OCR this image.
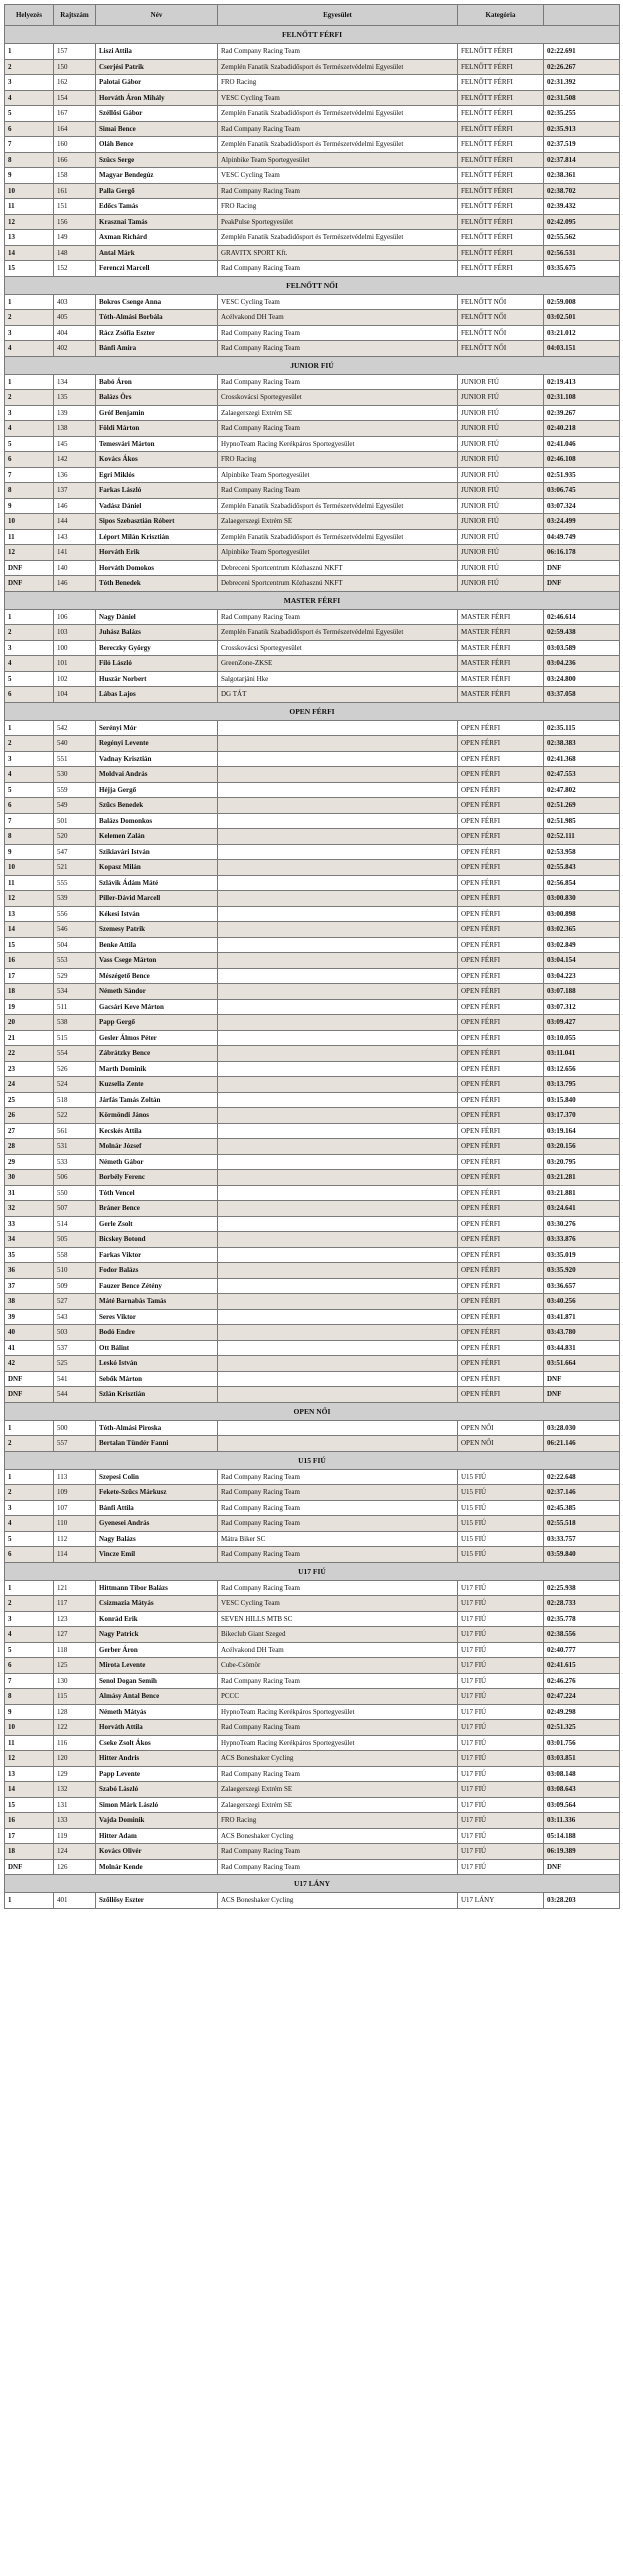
Helyezés	Rajtszám	Név	Egyesület	Kategória	
FELNŐTT FÉRFI					
1	157	Liszi Attila	Rad Company Racing Team	FELNŐTT FÉRFI	02:22.691
2	150	Cserjési Patrik	Zemplén Fanatik Szabadidősport és Természetvédelmi Egyesület	FELNŐTT FÉRFI	02:26.267
3	162	Palotai Gábor	FRO Racing	FELNŐTT FÉRFI	02:31.392
4	154	Horváth Áron Mihály	VESC Cycling Team	FELNŐTT FÉRFI	02:31.508
5	167	Széllősi Gábor	Zemplén Fanatik Szabadidősport és Természetvédelmi Egyesület	FELNŐTT FÉRFI	02:35.255
6	164	Simai Bence	Rad Company Racing Team	FELNŐTT FÉRFI	02:35.913
7	160	Oláh Bence	Zemplén Fanatik Szabadidősport és Természetvédelmi Egyesület	FELNŐTT FÉRFI	02:37.519
8	166	Szücs Serge	Alpinbike Team Sportegyesület	FELNŐTT FÉRFI	02:37.814
9	158	Magyar Bendegúz	VESC Cycling Team	FELNŐTT FÉRFI	02:38.361
10	161	Palla Gergő	Rad Company Racing Team	FELNŐTT FÉRFI	02:38.702
11	151	Edőcs Tamás	FRO Racing	FELNŐTT FÉRFI	02:39.432
12	156	Krasznai Tamás	PeakPulse Sportegyesület	FELNŐTT FÉRFI	02:42.095
13	149	Axman Richárd	Zemplén Fanatik Szabadidősport és Természetvédelmi Egyesület	FELNŐTT FÉRFI	02:55.562
14	148	Antal Márk	GRAVITX SPORT Kft.	FELNŐTT FÉRFI	02:56.531
15	152	Ferenczi Marcell	Rad Company Racing Team	FELNŐTT FÉRFI	03:35.675
FELNŐTT NŐI					
1	403	Bokros Csenge Anna	VESC Cycling Team	FELNŐTT NŐI	02:59.008
2	405	Tóth-Almási Borbála	Acélvakond DH Team	FELNŐTT NŐI	03:02.501
3	404	Rácz Zsófia Eszter	Rad Company Racing Team	FELNŐTT NŐI	03:21.012
4	402	Bánfi Amira	Rad Company Racing Team	FELNŐTT NŐI	04:03.151
JUNIOR FIÚ					
1	134	Babó Áron	Rad Company Racing Team	JUNIOR FIÚ	02:19.413
2	135	Balázs Örs	Crosskovácsi Sportegyesület	JUNIOR FIÚ	02:31.108
3	139	Gróf Benjamin	Zalaegerszegi Extrém SE	JUNIOR FIÚ	02:39.267
4	138	Földi Márton	Rad Company Racing Team	JUNIOR FIÚ	02:40.218
5	145	Temesvári Márton	HypnoTeam Racing Kerékpáros Sportegyesület	JUNIOR FIÚ	02:41.046
6	142	Kovács Ákos	FRO Racing	JUNIOR FIÚ	02:46.108
7	136	Egri Miklós	Alpinbike Team Sportegyesület	JUNIOR FIÚ	02:51.935
8	137	Farkas László	Rad Company Racing Team	JUNIOR FIÚ	03:06.745
9	146	Vadász Dániel	Zemplén Fanatik Szabadidősport és Természetvédelmi Egyesület	JUNIOR FIÚ	03:07.324
10	144	Sipos Szebasztián Róbert	Zalaegerszegi Extrém SE	JUNIOR FIÚ	03:24.499
11	143	Léport Milán Krisztián	Zemplén Fanatik Szabadidősport és Természetvédelmi Egyesület	JUNIOR FIÚ	04:49.749
12	141	Horváth Erik	Alpinbike Team Sportegyesület	JUNIOR FIÚ	06:16.178
DNF	140	Horváth Domokos	Debreceni Sportcentrum Közhasznú NKFT	JUNIOR FIÚ	DNF
DNF	146	Tóth Benedek	Debreceni Sportcentrum Közhasznú NKFT	JUNIOR FIÚ	DNF
MASTER FÉRFI					
1	106	Nagy Dániel	Rad Company Racing Team	MASTER FÉRFI	02:46.614
2	103	Juhász Balázs	Zemplén Fanatik Szabadidősport és Természetvédelmi Egyesület	MASTER FÉRFI	02:59.438
3	100	Bereczky György	Crosskovácsi Sportegyesület	MASTER FÉRFI	03:03.589
4	101	Filó László	GreenZone-ZKSE	MASTER FÉRFI	03:04.236
5	102	Huszár Norbert	Salgotarjáni Hke	MASTER FÉRFI	03:24.800
6	104	Lábas Lajos	DG TÁT	MASTER FÉRFI	03:37.058
OPEN FÉRFI					
1	542	Serényi Mór		OPEN FÉRFI	02:35.115
2	540	Regényi Levente		OPEN FÉRFI	02:38.383
3	551	Vadnay Krisztián		OPEN FÉRFI	02:41.368
4	530	Moldvai András		OPEN FÉRFI	02:47.553
5	559	Héjja Gergő		OPEN FÉRFI	02:47.802
6	549	Szűcs Benedek		OPEN FÉRFI	02:51.269
7	501	Balázs Domonkos		OPEN FÉRFI	02:51.985
8	520	Kelemen Zalán		OPEN FÉRFI	02:52.111
9	547	Szikiavári István		OPEN FÉRFI	02:53.958
10	521	Kopasz Milán		OPEN FÉRFI	02:55.843
11	555	Szlávik Ádám Máté		OPEN FÉRFI	02:56.854
12	539	Piller-Dávid Marcell		OPEN FÉRFI	03:00.830
13	556	Kékesi István		OPEN FÉRFI	03:00.898
14	546	Szemesy Patrik		OPEN FÉRFI	03:02.365
15	504	Benke Attila		OPEN FÉRFI	03:02.849
16	553	Vass Csege Márton		OPEN FÉRFI	03:04.154
17	529	Mészégető Bence		OPEN FÉRFI	03:04.223
18	534	Németh Sándor		OPEN FÉRFI	03:07.188
19	511	Gacsári Keve Márton		OPEN FÉRFI	03:07.312
20	538	Papp Gergő		OPEN FÉRFI	03:09.427
21	515	Gesler Álmos Péter		OPEN FÉRFI	03:10.055
22	554	Zábrátzky Bence		OPEN FÉRFI	03:11.041
23	526	Marth Dominik		OPEN FÉRFI	03:12.656
24	524	Kuzsella Zente		OPEN FÉRFI	03:13.795
25	518	Járfás Tamás Zoltán		OPEN FÉRFI	03:15.840
26	522	Körmöndi János		OPEN FÉRFI	03:17.370
27	561	Kecskés Attila		OPEN FÉRFI	03:19.164
28	531	Molnár József		OPEN FÉRFI	03:20.156
29	533	Németh Gábor		OPEN FÉRFI	03:20.795
30	506	Borbély Ferenc		OPEN FÉRFI	03:21.281
31	550	Tóth Vencel		OPEN FÉRFI	03:21.881
32	507	Bráner Bence		OPEN FÉRFI	03:24.641
33	514	Gerle Zsolt		OPEN FÉRFI	03:30.276
34	505	Bicskey Botond		OPEN FÉRFI	03:33.876
35	558	Farkas Viktor		OPEN FÉRFI	03:35.019
36	510	Fodor Balázs		OPEN FÉRFI	03:35.920
37	509	Fauzer Bence Zétény		OPEN FÉRFI	03:36.657
38	527	Máté Barnabás Tamás		OPEN FÉRFI	03:40.256
39	543	Seres Viktor		OPEN FÉRFI	03:41.871
40	503	Bodó Endre		OPEN FÉRFI	03:43.780
41	537	Ott Bálint		OPEN FÉRFI	03:44.831
42	525	Leskó István		OPEN FÉRFI	03:51.664
DNF	541	Sebők Márton		OPEN FÉRFI	DNF
DNF	544	Szlán Krisztián		OPEN FÉRFI	DNF
OPEN NŐI					
1	500	Tóth-Almási Piroska		OPEN NŐI	03:28.030
2	557	Bertalan Tündér Fanni		OPEN NŐI	06:21.146
U15 FIÚ					
1	113	Szepesi Colin	Rad Company Racing Team	U15 FIÚ	02:22.648
2	109	Fekete-Szűcs Márkusz	Rad Company Racing Team	U15 FIÚ	02:37.146
3	107	Bánfi Attila	Rad Company Racing Team	U15 FIÚ	02:45.385
4	110	Gyenesei András	Rad Company Racing Team	U15 FIÚ	02:55.518
5	112	Nagy Balázs	Mátra Biker SC	U15 FIÚ	03:33.757
6	114	Vincze Emil	Rad Company Racing Team	U15 FIÚ	03:59.840
U17 FIÚ					
1	121	Hittmann Tibor Balázs	Rad Company Racing Team	U17 FIÚ	02:25.938
2	117	Csizmazia Mátyás	VESC Cycling Team	U17 FIÚ	02:28.733
3	123	Konrád Erik	SEVEN HILLS MTB SC	U17 FIÚ	02:35.778
4	127	Nagy Patrick	Bikeclub Giant Szeged	U17 FIÚ	02:38.556
5	118	Gerber Áron	Acélvakond DH Team	U17 FIÚ	02:40.777
6	125	Mirota Levente	Cube-Csömör	U17 FIÚ	02:41.615
7	130	Senol Dogan Semih	Rad Company Racing Team	U17 FIÚ	02:46.276
8	115	Almásy Antal Bence	PCCC	U17 FIÚ	02:47.224
9	128	Németh Mátyás	HypnoTeam Racing Kerékpáros Sportegyesület	U17 FIÚ	02:49.298
10	122	Horváth Attila	Rad Company Racing Team	U17 FIÚ	02:51.325
11	116	Cseke Zsolt Ákos	HypnoTeam Racing Kerékpáros Sportegyesület	U17 FIÚ	03:01.756
12	120	Hitter Andris	ACS Boneshaker Cycling	U17 FIÚ	03:03.851
13	129	Papp Levente	Rad Company Racing Team	U17 FIÚ	03:08.148
14	132	Szabó László	Zalaegerszegi Extrém SE	U17 FIÚ	03:08.643
15	131	Simon Márk László	Zalaegerszegi Extrém SE	U17 FIÚ	03:09.564
16	133	Vajda Dominik	FRO Racing	U17 FIÚ	03:11.336
17	119	Hitter Adam	ACS Boneshaker Cycling	U17 FIÚ	05:14.188
18	124	Kovács Olivér	Rad Company Racing Team	U17 FIÚ	06:19.389
DNF	126	Molnár Kende	Rad Company Racing Team	U17 FIÚ	DNF
U17 LÁNY					
1	401	Szőllősy Eszter	ACS Boneshaker Cycling	U17 LÁNY	03:28.203
